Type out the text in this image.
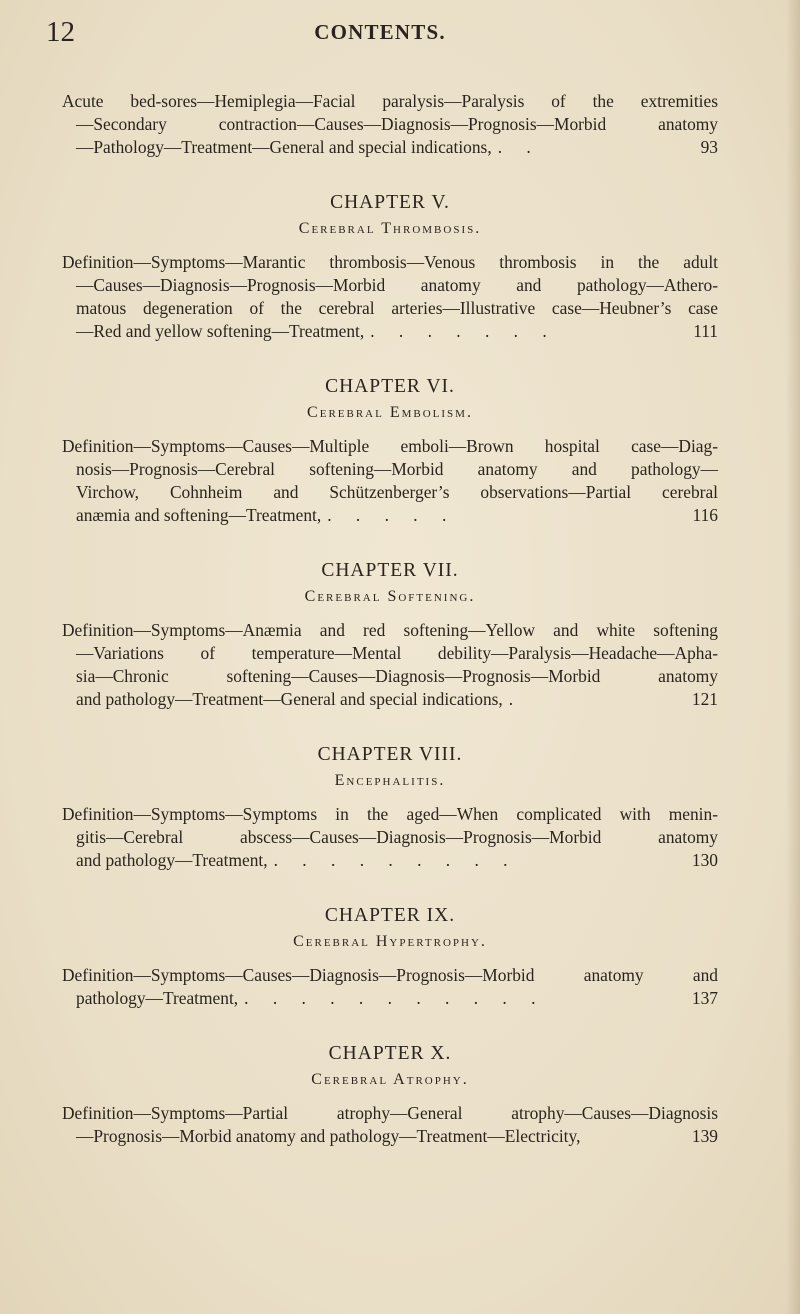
12	CONTENTS.

Acute bed-sores—Hemiplegia—Facial paralysis—Paralysis of the extremities
—Secondary contraction—Causes—Diagnosis—Prognosis—Morbid anatomy
—Pathology—Treatment—General and special indications, . .	93

CHAPTER V.
Cerebral Thrombosis.

Definition—Symptoms—Marantic thrombosis—Venous thrombosis in the adult
—Causes—Diagnosis—Prognosis—Morbid anatomy and pathology—Athero-
matous degeneration of the cerebral arteries—Illustrative case—Heubner’s case
—Red and yellow softening—Treatment, . . . . . . .	111

CHAPTER VI.
Cerebral Embolism.

Definition—Symptoms—Causes—Multiple emboli—Brown hospital case—Diag-
nosis—Prognosis—Cerebral softening—Morbid anatomy and pathology—
Virchow, Cohnheim and Schützenberger’s observations—Partial cerebral
anæmia and softening—Treatment, . . . . .	116

CHAPTER VII.
Cerebral Softening.

Definition—Symptoms—Anæmia and red softening—Yellow and white softening
—Variations of temperature—Mental debility—Paralysis—Headache—Apha-
sia—Chronic softening—Causes—Diagnosis—Prognosis—Morbid anatomy
and pathology—Treatment—General and special indications, .	121

CHAPTER VIII.
Encephalitis.

Definition—Symptoms—Symptoms in the aged—When complicated with menin-
gitis—Cerebral abscess—Causes—Diagnosis—Prognosis—Morbid anatomy
and pathology—Treatment, . . . . . . . . .	130

CHAPTER IX.
Cerebral Hypertrophy.

Definition—Symptoms—Causes—Diagnosis—Prognosis—Morbid anatomy and
pathology—Treatment, . . . . . . . . . . .	137

CHAPTER X.
Cerebral Atrophy.

Definition—Symptoms—Partial atrophy—General atrophy—Causes—Diagnosis
—Prognosis—Morbid anatomy and pathology—Treatment—Electricity,	139
